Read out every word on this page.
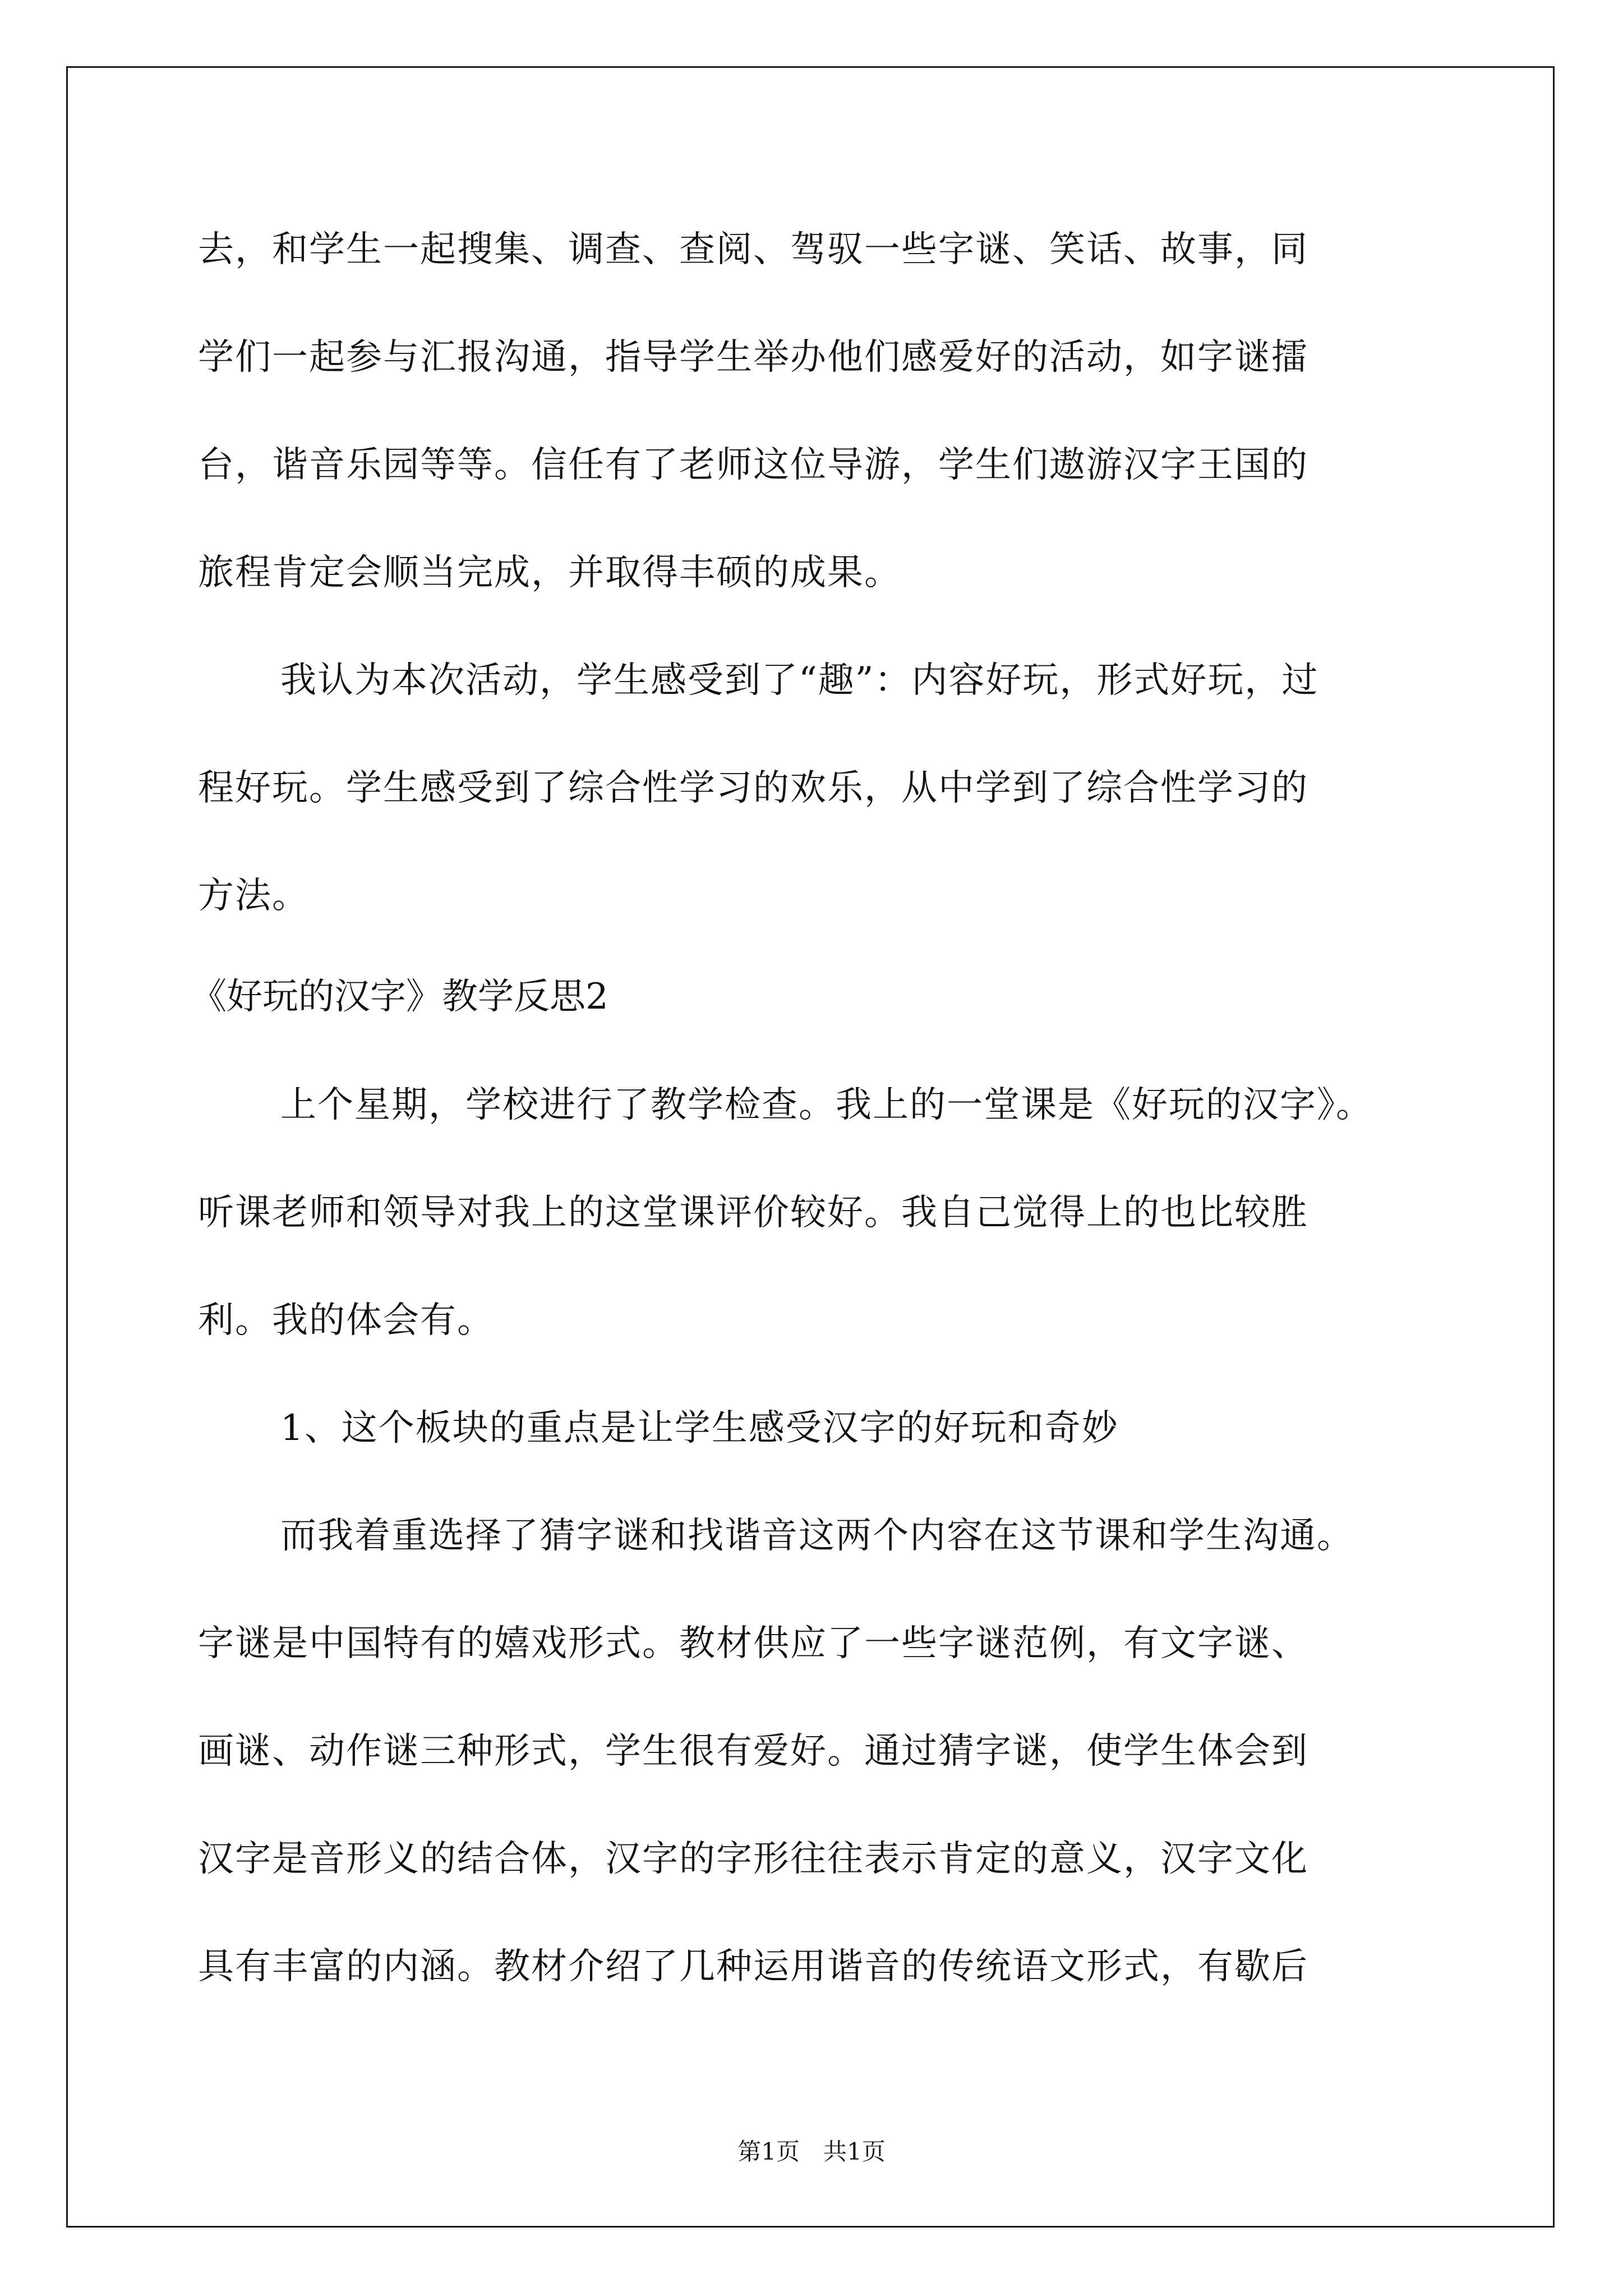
去，和学生一起搜集、调查、查阅、驾驭一些字谜、笑话、故事，同
学们一起参与汇报沟通，指导学生举办他们感爱好的活动，如字谜擂
台，谐音乐园等等。信任有了老师这位导游，学生们遨游汉字王国的
旅程肯定会顺当完成，并取得丰硕的成果。
我认为本次活动，学生感受到了“趣”：内容好玩，形式好玩，过
程好玩。学生感受到了综合性学习的欢乐，从中学到了综合性学习的
方法。
《好玩的汉字》教学反思2
上个星期，学校进行了教学检查。我上的一堂课是《好玩的汉字》。
听课老师和领导对我上的这堂课评价较好。我自己觉得上的也比较胜
利。我的体会有。
1、这个板块的重点是让学生感受汉字的好玩和奇妙
而我着重选择了猜字谜和找谐音这两个内容在这节课和学生沟通。
字谜是中国特有的嬉戏形式。教材供应了一些字谜范例，有文字谜、
画谜、动作谜三种形式，学生很有爱好。通过猜字谜，使学生体会到
汉字是音形义的结合体，汉字的字形往往表示肯定的意义，汉字文化
具有丰富的内涵。教材介绍了几种运用谐音的传统语文形式，有歇后
第1页　共1页
